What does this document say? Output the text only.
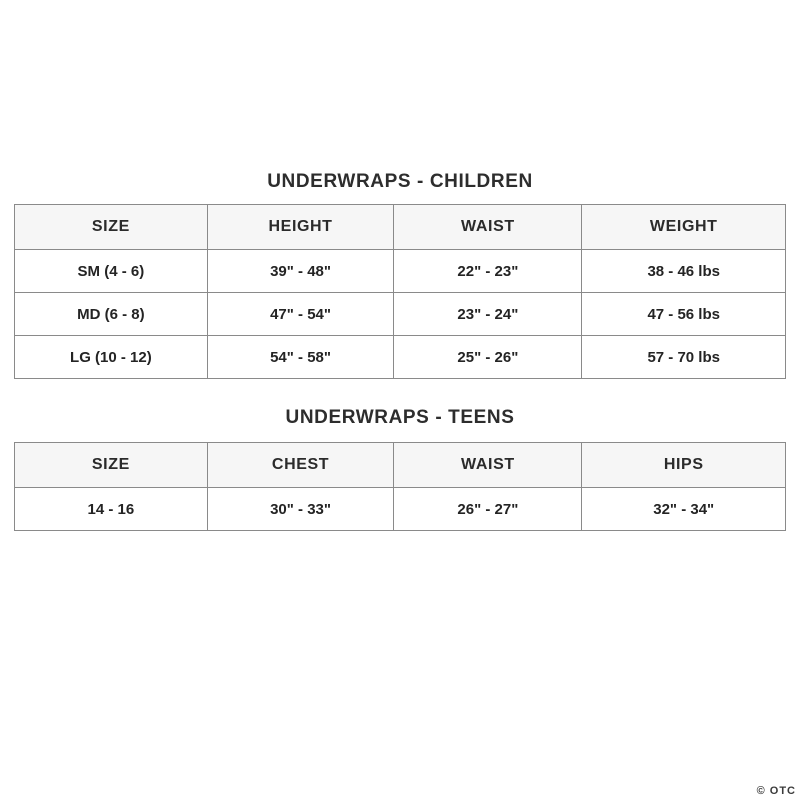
UNDERWRAPS - CHILDREN
SIZE	HEIGHT	WAIST	WEIGHT
SM (4 - 6)	39" - 48"	22" - 23"	38 - 46 lbs
MD (6 - 8)	47" - 54"	23" - 24"	47 - 56 lbs
LG (10 - 12)	54" - 58"	25" - 26"	57 - 70 lbs
UNDERWRAPS - TEENS
SIZE	CHEST	WAIST	HIPS
14 - 16	30" - 33"	26" - 27"	32" - 34"
© OTC
